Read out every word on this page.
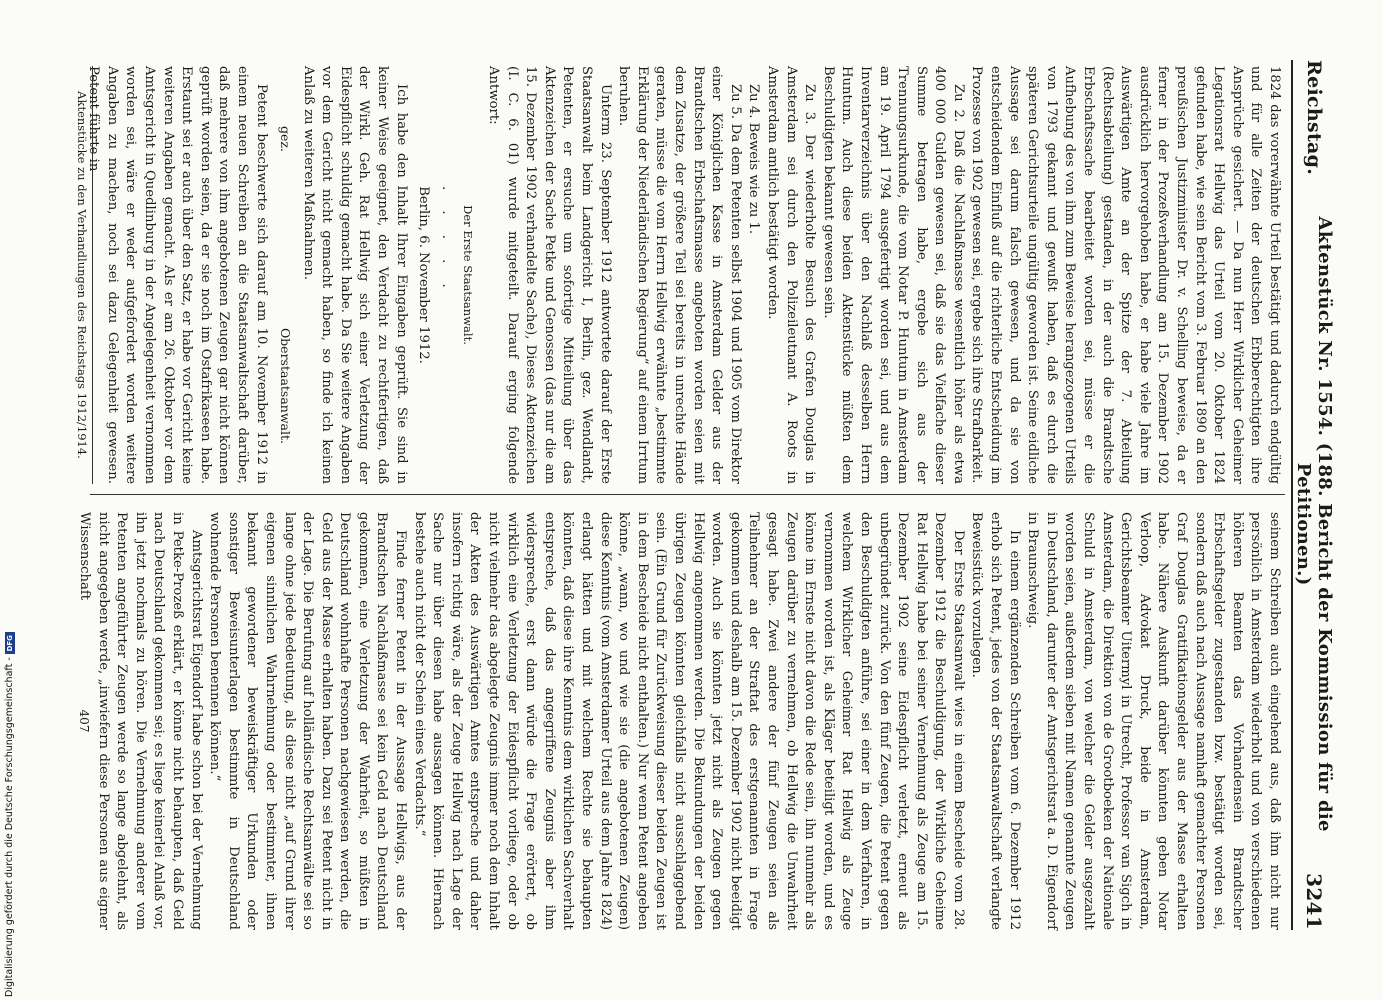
Reichstag.
Aktenstück Nr. 1554. (188. Bericht der Kommission für die Petitionen.)
3241

1824 das vorerwähnte Urteil bestätigt und dadurch endgültig und für alle Zeiten der deutschen Erbberechtigten ihre Ansprüche gesichert. — Da nun Herr Wirklicher Geheimer Legationsrat Hellwig das Urteil vom 20. Oktober 1824 gefunden habe, wie sein Bericht vom 3. Februar 1890 an den preußischen Justizminister Dr. v. Schelling beweise, da er ferner in der Prozeßverhandlung am 15. Dezember 1902 ausdrücklich hervorgehoben habe, er habe viele Jahre im Auswärtigen Amte an der Spitze der 7. Abteilung (Rechtsabteilung) gestanden, in der auch die Brandtsche Erbschaftssache bearbeitet worden sei, müsse er die Aufhebung des von ihm zum Beweise herangezogenen Urteils von 1793 gekannt und gewußt haben, daß es durch die späteren Gerichtsurteile ungültig geworden ist. Seine eidliche Aussage sei darum falsch gewesen, und da sie von entscheidendem Einfluß auf die richterliche Entscheidung im Prozesse von 1902 gewesen sei, ergebe sich ihre Strafbarkeit.

Zu 2. Daß die Nachlaßmasse wesentlich höher als etwa 400 000 Gulden gewesen sei, daß sie das Vielfache dieser Summe betragen habe, ergebe sich aus der Trennungsurkunde, die vom Notar P. Huntum in Amsterdam am 19. April 1794 ausgefertigt worden sei, und aus dem Inventarverzeichnis über den Nachlaß desselben Herrn Huntum. Auch diese beiden Aktenstücke müßten dem Beschuldigten bekannt gewesen sein.

Zu 3. Der wiederholte Besuch des Grafen Douglas in Amsterdam sei durch den Polizeileutnant A. Roots in Amsterdam amtlich bestätigt worden.

Zu 4. Beweis wie zu 1.

Zu 5. Da dem Petenten selbst 1904 und 1905 vom Direktor einer Königlichen Kasse in Amsterdam Gelder aus der Brandtschen Erbschaftsmasse angeboten worden seien mit dem Zusatze, der größere Teil sei bereits in unrechte Hände geraten, müsse die vom Herrn Hellwig erwähnte „bestimmte Erklärung der Niederländischen Regierung“ auf einem Irrtum beruhen.

Unterm 23. September 1912 antwortete darauf der Erste Staatsanwalt beim Landgericht I, Berlin, gez. Wendlandt, Petenten, er ersuche um sofortige Mitteilung über das Aktenzeichen der Sache Petke und Genossen (das nur die am 15. Dezember 1902 verhandelte Sache), Dieses Aktenzeichen (I. C. 6. 01) wurde mitgeteilt. Darauf erging folgende Antwort:

Der Erste Staatsanwalt.

. . . . .

Berlin, 6. November 1912.

Ich habe den Inhalt Ihrer Eingaben geprüft. Sie sind in keiner Weise geeignet, den Verdacht zu rechtfertigen, daß der Wirkl. Geh. Rat Hellwig sich einer Verletzung der Eidespflicht schuldig gemacht habe. Da Sie weitere Angaben vor dem Gericht nicht gemacht haben, so finde ich keinen Anlaß zu weiteren Maßnahmen.

gez.
Oberstaatsanwalt.

Petent beschwerte sich darauf am 10. November 1912 in einem neuen Schreiben an die Staatsanwaltschaft darüber, daß mehrere von ihm angebotenen Zeugen gar nicht können geprüft worden seien, da er sie noch im Ostafrikaseen habe. Erstaunt sei er auch über den Satz, er habe vor Gericht keine weiteren Angaben gemacht. Als er am 26. Oktober vor dem Amtsgericht in Quedlinburg in der Angelegenheit vernommen worden sei, wäre er weder aufgefordert worden weitere Angaben zu machen, noch sei dazu Gelegenheit gewesen. Petent führte in

seinem Schreiben auch eingehend aus, daß ihm nicht nur persönlich in Amsterdam wiederholt und von verschiedenen höheren Beamten das Vorhandensein Brandtscher Erbschaftsgelder zugestanden bzw. bestätigt worden sei, sondern daß auch nach Aussage namhaft gemachter Personen Graf Douglas Gratifikationsgelder aus der Masse erhalten habe. Nähere Auskunft darüber könnten geben Notar Verloop, Advokat Druck, beide in Amsterdam, Gerichtsbeamter Uitermyl in Utrecht, Professor van Sigch in Amsterdam, die Direktion von de Grootboeken der Nationale Schuld in Amsterdam, von welcher die Gelder ausgezahlt worden seien, außerdem sieben mit Namen genannte Zeugen in Deutschland, darunter der Amtsgerichtsrat a. D. Eigendorf in Braunschweig.

In einem ergänzenden Schreiben vom 6. Dezember 1912 erhob sich Petent, jedes von der Staatsanwaltschaft verlangte Beweisstück vorzulegen.

Der Erste Staatsanwalt wies in einem Bescheide vom 28. Dezember 1912 die Beschuldigung, der Wirkliche Geheime Rat Hellwig habe bei seiner Vernehmung als Zeuge am 15. Dezember 1902 seine Eidespflicht verletzt, erneut als unbegründet zurück. Von den fünf Zeugen, die Petent gegen den Beschuldigten anführe, sei einer in dem Verfahren, in welchem Wirklicher Geheimer Rat Hellwig als Zeuge vernommen worden ist, als Kläger beteiligt worden, und es könne im Ernste nicht davon die Rede sein, ihn nunmehr als Zeugen darüber zu vernehmen, ob Hellwig die Unwahrheit gesagt habe. Zwei andere der fünf Zeugen seien als Teilnehmer an der Straftat des erstgenannten in Frage gekommen und deshalb am 15. Dezember 1902 nicht beeidigt worden. Auch sie könnten jetzt nicht als Zeugen gegen Hellwig angenommen werden. Die Bekundungen der beiden übrigen Zeugen könnten gleichfalls nicht ausschlaggebend sein. (Ein Grund für Zurückweisung dieser beiden Zeugen ist in dem Bescheide nicht enthalten.) Nur wenn Petent angeben könne, „wann, wo und wie sie (die angebotenen Zeugen) diese Kenntnis (vom Amsterdamer Urteil aus dem Jahre 1824) erlangt hätten und mit welchem Rechte sie behaupten könnten, daß diese ihre Kenntnis dem wirklichen Sachverhalt entspreche, daß das angegriffene Zeugnis aber ihm widerspreche, erst dann würde die Frage erörtert, ob wirklich eine Verletzung der Eidespflicht vorliege, oder ob nicht vielmehr das abgelegte Zeugnis immer noch dem Inhalt der Akten des Auswärtigen Amtes entspreche und daher insofern richtig wäre, als der Zeuge Hellwig nach Lage der Sache nur über diesen habe aussagen können. Hiernach bestehe auch nicht der Schein eines Verdachts.“

Finde ferner Petent in der Aussage Hellwigs, aus der Brandtschen Nachlaßmasse sei kein Geld nach Deutschland gekommen, eine Verletzung der Wahrheit, so müßten in Deutschland wohnhafte Personen nachgewiesen werden, die Geld aus der Masse erhalten haben. Dazu sei Petent nicht in der Lage. Die Berufung auf holländische Rechtsanwälte sei so lange ohne jede Bedeutung, als diese nicht „auf Grund ihrer eigenen sinnlichen Wahrnehmung oder bestimmter, ihnen bekannt gewordener beweiskräftiger Urkunden oder sonstiger Beweisunterlagen bestimmte in Deutschland wohnende Personen benennen können.“

Amtsgerichtsrat Eigendorf habe schon bei der Vernehmung in Petke-Prozeß erklärt, er könne nicht behaupten, daß Geld nach Deutschland gekommen sei; es liege keinerlei Anlaß vor, ihn jetzt nochmals zu hören. Die Vernehmung anderer vom Petenten angeführter Zeugen werde so lange abgelehnt, als nicht angegeben werde, „inwiefern diese Personen aus eigner Wissenschaft

Aktenstücke zu den Verhandlungen des Reichstags 1912/1914.
407
Digitalisierung gefördert durch die Deutsche Forschungsgemeinschaft -
DFG
